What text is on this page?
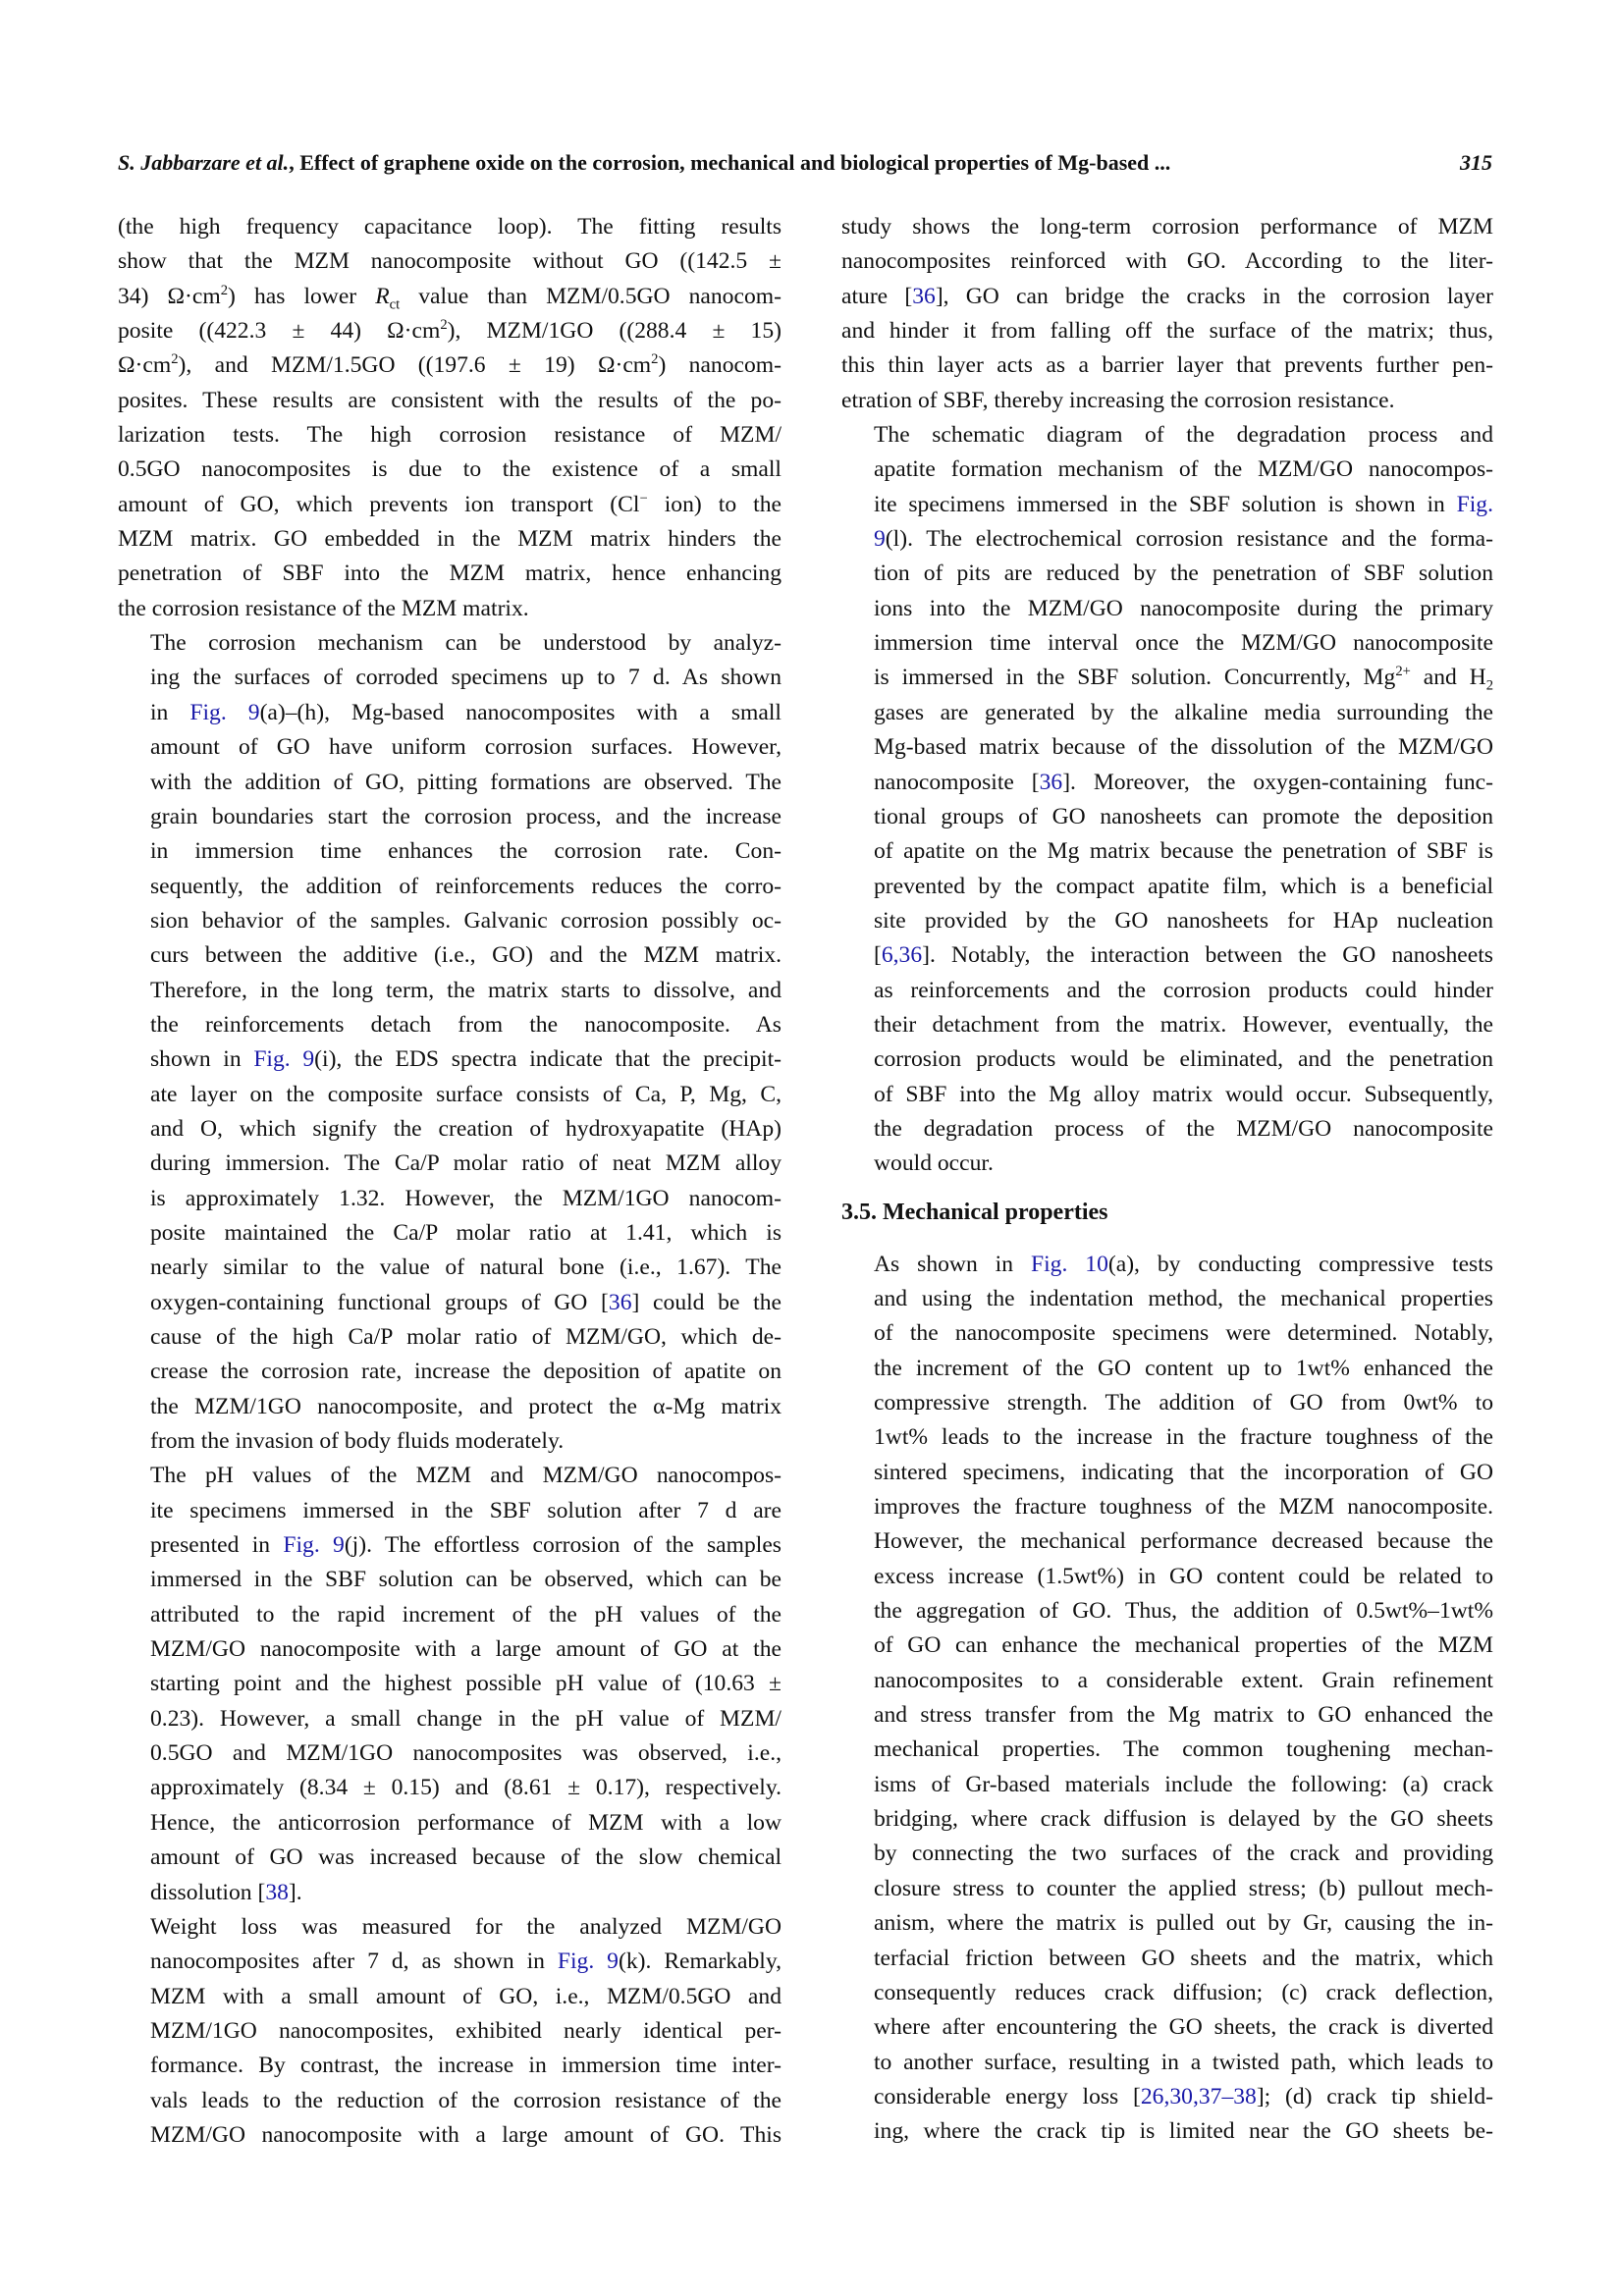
S. Jabbarzare et al., Effect of graphene oxide on the corrosion, mechanical and biological properties of Mg-based ...	315

(the high frequency capacitance loop). The fitting results
show that the MZM nanocomposite without GO ((142.5 ±
34) $\Omega\cdot cm^2$) has lower $R_{ct}$ value than MZM/0.5GO nanocom-
posite ((422.3 ± 44) $\Omega\cdot cm^2$), MZM/1GO ((288.4 ± 15)
$\Omega\cdot cm^2$), and MZM/1.5GO ((197.6 ± 19) $\Omega\cdot cm^2$) nanocom-
posites. These results are consistent with the results of the po-
larization tests. The high corrosion resistance of MZM/
0.5GO nanocomposites is due to the existence of a small
amount of GO, which prevents ion transport (Cl− ion) to the
MZM matrix. GO embedded in the MZM matrix hinders the
penetration of SBF into the MZM matrix, hence enhancing
the corrosion resistance of the MZM matrix.

The corrosion mechanism can be understood by analyz-
ing the surfaces of corroded specimens up to 7 d. As shown
in Fig. 9(a)–(h), Mg-based nanocomposites with a small
amount of GO have uniform corrosion surfaces. However,
with the addition of GO, pitting formations are observed. The
grain boundaries start the corrosion process, and the increase
in immersion time enhances the corrosion rate. Con-
sequently, the addition of reinforcements reduces the corro-
sion behavior of the samples. Galvanic corrosion possibly oc-
curs between the additive (i.e., GO) and the MZM matrix.
Therefore, in the long term, the matrix starts to dissolve, and
the reinforcements detach from the nanocomposite. As
shown in Fig. 9(i), the EDS spectra indicate that the precipit-
ate layer on the composite surface consists of Ca, P, Mg, C,
and O, which signify the creation of hydroxyapatite (HAp)
during immersion. The Ca/P molar ratio of neat MZM alloy
is approximately 1.32. However, the MZM/1GO nanocom-
posite maintained the Ca/P molar ratio at 1.41, which is
nearly similar to the value of natural bone (i.e., 1.67). The
oxygen-containing functional groups of GO [36] could be the
cause of the high Ca/P molar ratio of MZM/GO, which de-
crease the corrosion rate, increase the deposition of apatite on
the MZM/1GO nanocomposite, and protect the α-Mg matrix
from the invasion of body fluids moderately.

The pH values of the MZM and MZM/GO nanocompos-
ite specimens immersed in the SBF solution after 7 d are
presented in Fig. 9(j). The effortless corrosion of the samples
immersed in the SBF solution can be observed, which can be
attributed to the rapid increment of the pH values of the
MZM/GO nanocomposite with a large amount of GO at the
starting point and the highest possible pH value of (10.63 ±
0.23). However, a small change in the pH value of MZM/
0.5GO and MZM/1GO nanocomposites was observed, i.e.,
approximately (8.34 ± 0.15) and (8.61 ± 0.17), respectively.
Hence, the anticorrosion performance of MZM with a low
amount of GO was increased because of the slow chemical
dissolution [38].

Weight loss was measured for the analyzed MZM/GO
nanocomposites after 7 d, as shown in Fig. 9(k). Remarkably,
MZM with a small amount of GO, i.e., MZM/0.5GO and
MZM/1GO nanocomposites, exhibited nearly identical per-
formance. By contrast, the increase in immersion time inter-
vals leads to the reduction of the corrosion resistance of the
MZM/GO nanocomposite with a large amount of GO. This

study shows the long-term corrosion performance of MZM
nanocomposites reinforced with GO. According to the liter-
ature [36], GO can bridge the cracks in the corrosion layer
and hinder it from falling off the surface of the matrix; thus,
this thin layer acts as a barrier layer that prevents further pen-
etration of SBF, thereby increasing the corrosion resistance.

The schematic diagram of the degradation process and
apatite formation mechanism of the MZM/GO nanocompos-
ite specimens immersed in the SBF solution is shown in Fig.
9(l). The electrochemical corrosion resistance and the forma-
tion of pits are reduced by the penetration of SBF solution
ions into the MZM/GO nanocomposite during the primary
immersion time interval once the MZM/GO nanocomposite
is immersed in the SBF solution. Concurrently, $Mg^{2+}$ and $H_2$
gases are generated by the alkaline media surrounding the
Mg-based matrix because of the dissolution of the MZM/GO
nanocomposite [36]. Moreover, the oxygen-containing func-
tional groups of GO nanosheets can promote the deposition
of apatite on the Mg matrix because the penetration of SBF is
prevented by the compact apatite film, which is a beneficial
site provided by the GO nanosheets for HAp nucleation
[6,36]. Notably, the interaction between the GO nanosheets
as reinforcements and the corrosion products could hinder
their detachment from the matrix. However, eventually, the
corrosion products would be eliminated, and the penetration
of SBF into the Mg alloy matrix would occur. Subsequently,
the degradation process of the MZM/GO nanocomposite
would occur.

3.5. Mechanical properties

As shown in Fig. 10(a), by conducting compressive tests
and using the indentation method, the mechanical properties
of the nanocomposite specimens were determined. Notably,
the increment of the GO content up to 1wt% enhanced the
compressive strength. The addition of GO from 0wt% to
1wt% leads to the increase in the fracture toughness of the
sintered specimens, indicating that the incorporation of GO
improves the fracture toughness of the MZM nanocomposite.
However, the mechanical performance decreased because the
excess increase (1.5wt%) in GO content could be related to
the aggregation of GO. Thus, the addition of 0.5wt%–1wt%
of GO can enhance the mechanical properties of the MZM
nanocomposites to a considerable extent. Grain refinement
and stress transfer from the Mg matrix to GO enhanced the
mechanical properties. The common toughening mechan-
isms of Gr-based materials include the following: (a) crack
bridging, where crack diffusion is delayed by the GO sheets
by connecting the two surfaces of the crack and providing
closure stress to counter the applied stress; (b) pullout mech-
anism, where the matrix is pulled out by Gr, causing the in-
terfacial friction between GO sheets and the matrix, which
consequently reduces crack diffusion; (c) crack deflection,
where after encountering the GO sheets, the crack is diverted
to another surface, resulting in a twisted path, which leads to
considerable energy loss [26,30,37–38]; (d) crack tip shield-
ing, where the crack tip is limited near the GO sheets be-
